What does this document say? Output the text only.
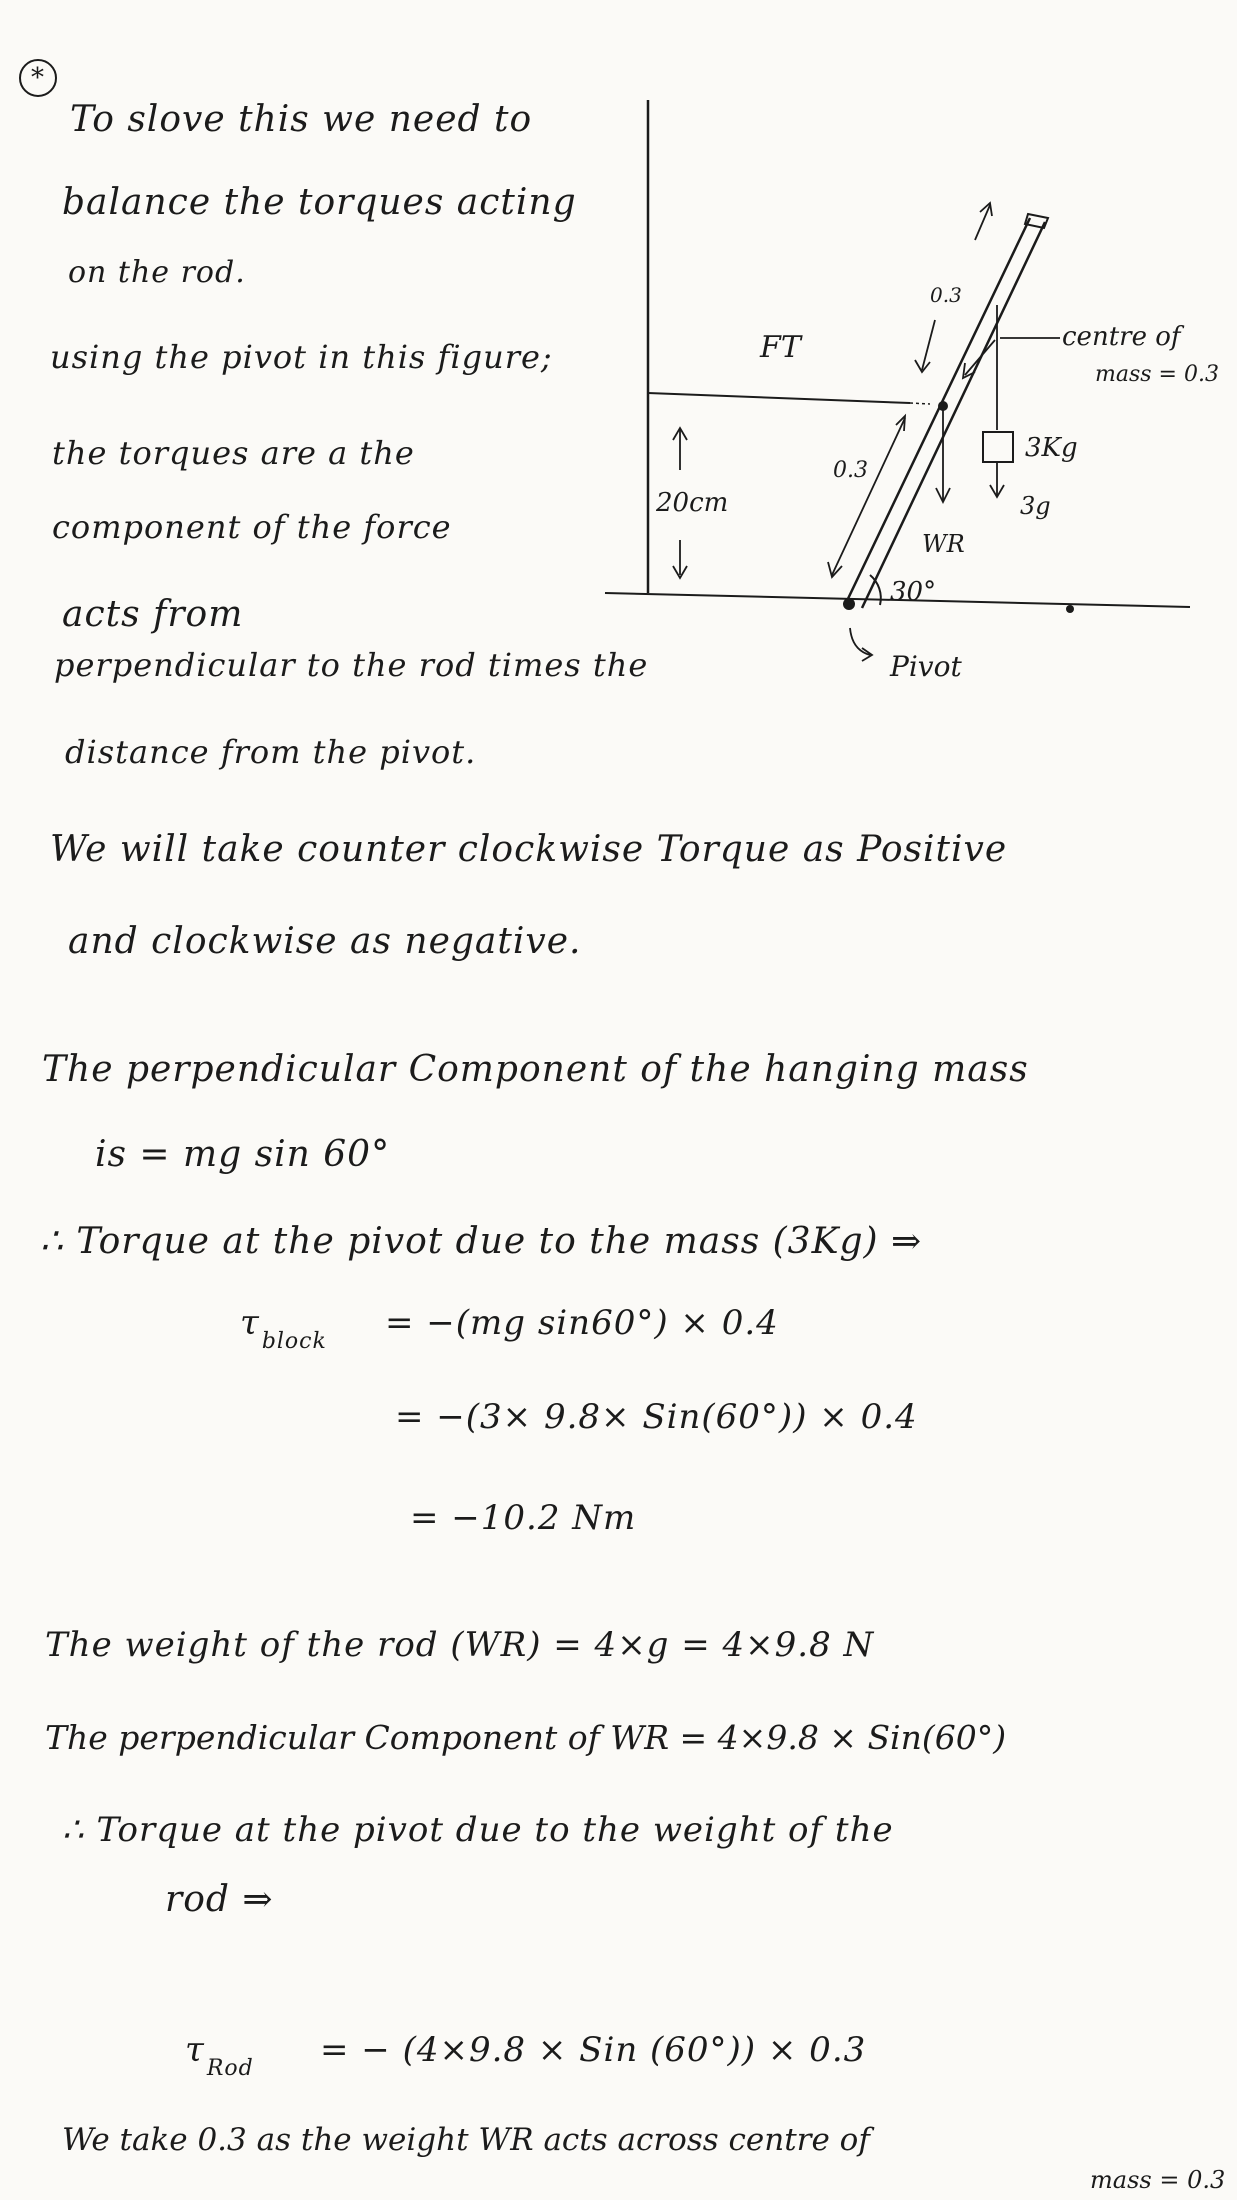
*
To slove this we need to
balance the torques acting
on the rod.
using the pivot in this figure;
the torques are a the
component of the force
acts from
perpendicular to the rod times the
distance from the pivot.
FT
0.3
0.3
centre of
mass = 0.3
3Kg
3g
WR
20cm
30°
Pivot
We will take counter clockwise Torque as Positive
and clockwise as negative.
The perpendicular Component of the hanging mass
is = mg sin 60°
∴ Torque at the pivot due to the mass (3Kg) ⇒
$\tau_{block} = -(mg$ sin60°) × 0.4
= −(3× 9.8× Sin(60°)) × 0.4
= −10.2 Nm
The weight of the rod (WR) = 4×g = 4×9.8 N
The perpendicular Component of WR = 4×9.8 × Sin(60°)
∴ Torque at the pivot due to the weight of the
rod ⇒
$\tau_{Rod}$ = − (4×9.8 × Sin (60°)) × 0.3
We take 0.3 as the weight WR acts across centre of
mass = 0.3
